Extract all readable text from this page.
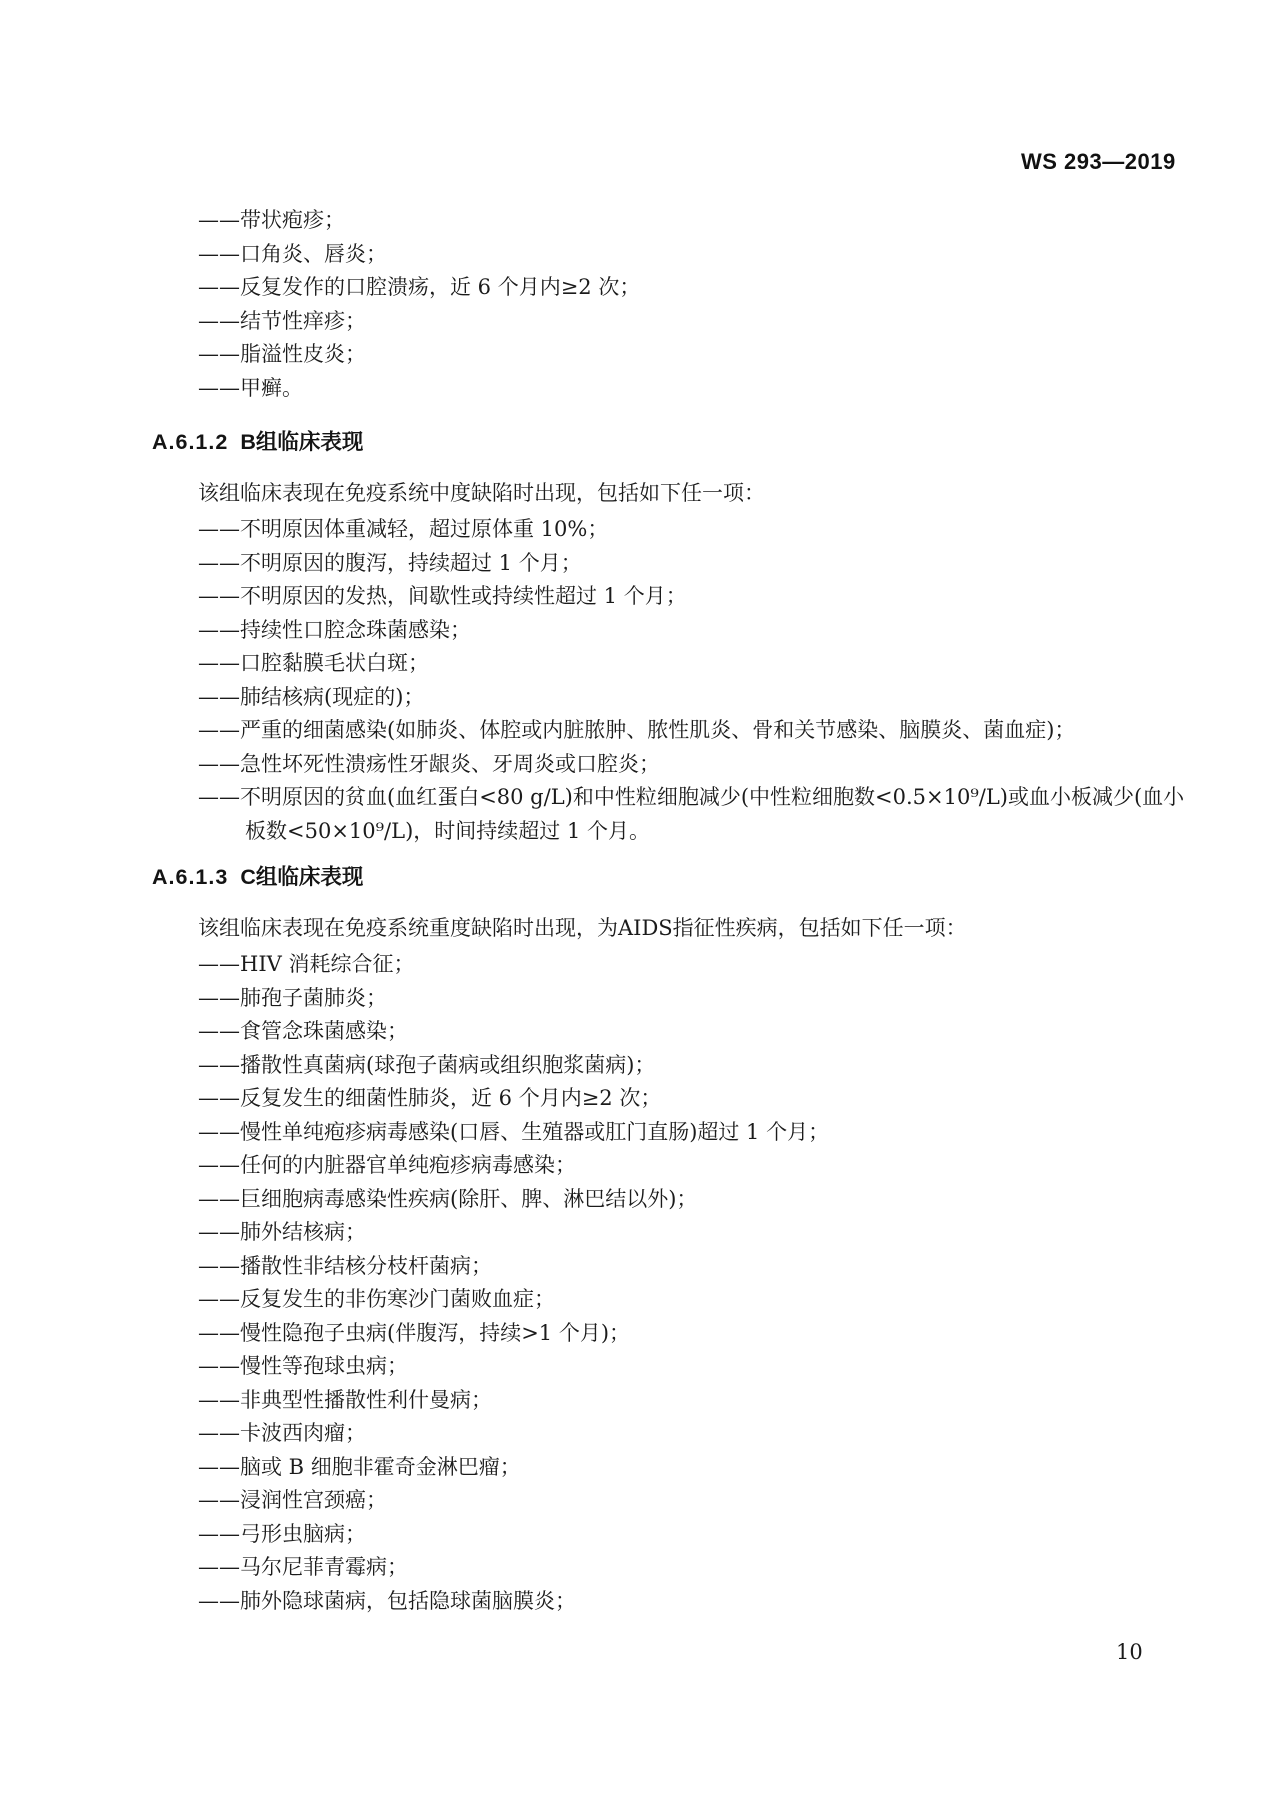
WS 293—2019
——带状疱疹；
——口角炎、唇炎；
——反复发作的口腔溃疡，近 6 个月内≥2 次；
——结节性痒疹；
——脂溢性皮炎；
——甲癣。
A.6.1.2 B组临床表现

该组临床表现在免疫系统中度缺陷时出现，包括如下任一项：

——不明原因体重减轻，超过原体重 10%；
——不明原因的腹泻，持续超过 1 个月；
——不明原因的发热，间歇性或持续性超过 1 个月；
——持续性口腔念珠菌感染；
——口腔黏膜毛状白斑；
——肺结核病(现症的)；
——严重的细菌感染(如肺炎、体腔或内脏脓肿、脓性肌炎、骨和关节感染、脑膜炎、菌血症)；
——急性坏死性溃疡性牙龈炎、牙周炎或口腔炎；
——不明原因的贫血(血红蛋白<80 g/L)和中性粒细胞减少(中性粒细胞数<0.5×10⁹/L)或血小板减少(血小板数<50×10⁹/L)，时间持续超过 1 个月。
A.6.1.3 C组临床表现

该组临床表现在免疫系统重度缺陷时出现，为AIDS指征性疾病，包括如下任一项：

——HIV 消耗综合征；
——肺孢子菌肺炎；
——食管念珠菌感染；
——播散性真菌病(球孢子菌病或组织胞浆菌病)；
——反复发生的细菌性肺炎，近 6 个月内≥2 次；
——慢性单纯疱疹病毒感染(口唇、生殖器或肛门直肠)超过 1 个月；
——任何的内脏器官单纯疱疹病毒感染；
——巨细胞病毒感染性疾病(除肝、脾、淋巴结以外)；
——肺外结核病；
——播散性非结核分枝杆菌病；
——反复发生的非伤寒沙门菌败血症；
——慢性隐孢子虫病(伴腹泻，持续>1 个月)；
——慢性等孢球虫病；
——非典型性播散性利什曼病；
——卡波西肉瘤；
——脑或 B 细胞非霍奇金淋巴瘤；
——浸润性宫颈癌；
——弓形虫脑病；
——马尔尼菲青霉病；
——肺外隐球菌病，包括隐球菌脑膜炎；
10
